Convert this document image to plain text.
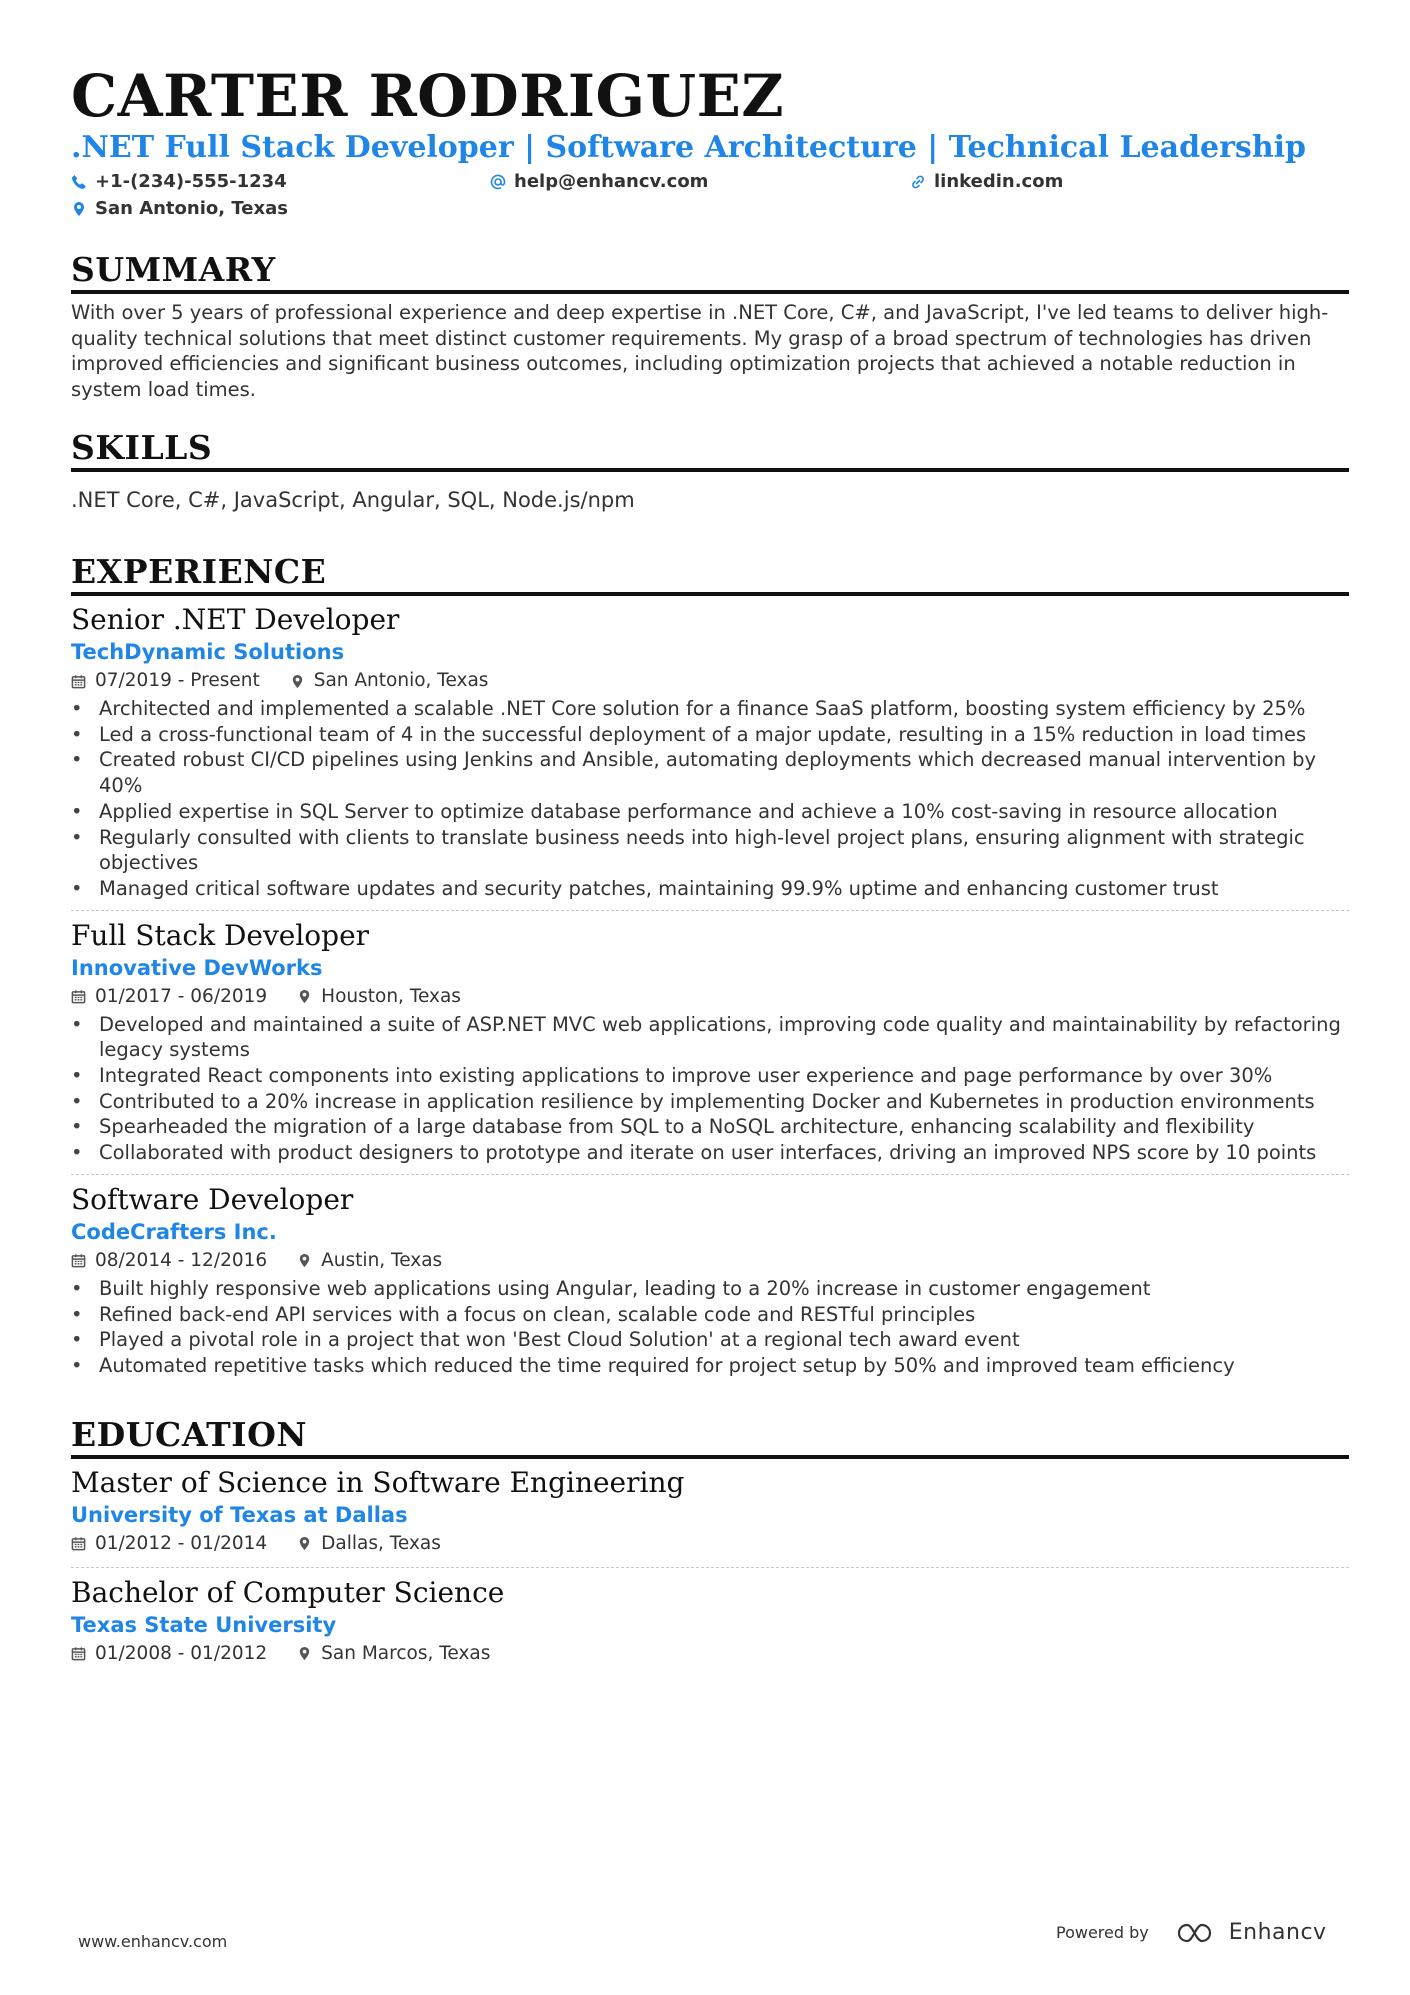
CARTER RODRIGUEZ
.NET Full Stack Developer | Software Architecture | Technical Leadership
+1-(234)-555-1234	help@enhancv.com	linkedin.com
San Antonio, Texas
SUMMARY

With over 5 years of professional experience and deep expertise in .NET Core, C#, and JavaScript, I've led teams to deliver high-quality technical solutions that meet distinct customer requirements. My grasp of a broad spectrum of technologies has driven improved efficiencies and significant business outcomes, including optimization projects that achieved a notable reduction in system load times.

SKILLS

.NET Core, C#, JavaScript, Angular, SQL, Node.js/npm

EXPERIENCE
Senior .NET Developer
TechDynamic Solutions
07/2019 - Present	San Antonio, Texas
• Architected and implemented a scalable .NET Core solution for a finance SaaS platform, boosting system efficiency by 25%
• Led a cross-functional team of 4 in the successful deployment of a major update, resulting in a 15% reduction in load times
• Created robust CI/CD pipelines using Jenkins and Ansible, automating deployments which decreased manual intervention by 40%
• Applied expertise in SQL Server to optimize database performance and achieve a 10% cost-saving in resource allocation
• Regularly consulted with clients to translate business needs into high-level project plans, ensuring alignment with strategic objectives
• Managed critical software updates and security patches, maintaining 99.9% uptime and enhancing customer trust
Full Stack Developer
Innovative DevWorks
01/2017 - 06/2019	Houston, Texas
• Developed and maintained a suite of ASP.NET MVC web applications, improving code quality and maintainability by refactoring legacy systems
• Integrated React components into existing applications to improve user experience and page performance by over 30%
• Contributed to a 20% increase in application resilience by implementing Docker and Kubernetes in production environments
• Spearheaded the migration of a large database from SQL to a NoSQL architecture, enhancing scalability and flexibility
• Collaborated with product designers to prototype and iterate on user interfaces, driving an improved NPS score by 10 points
Software Developer
CodeCrafters Inc.
08/2014 - 12/2016	Austin, Texas
• Built highly responsive web applications using Angular, leading to a 20% increase in customer engagement
• Refined back-end API services with a focus on clean, scalable code and RESTful principles
• Played a pivotal role in a project that won 'Best Cloud Solution' at a regional tech award event
• Automated repetitive tasks which reduced the time required for project setup by 50% and improved team efficiency
EDUCATION
Master of Science in Software Engineering
University of Texas at Dallas
01/2012 - 01/2014	Dallas, Texas
Bachelor of Computer Science
Texas State University
01/2008 - 01/2012	San Marcos, Texas
www.enhancv.com	Powered by	Enhancv
